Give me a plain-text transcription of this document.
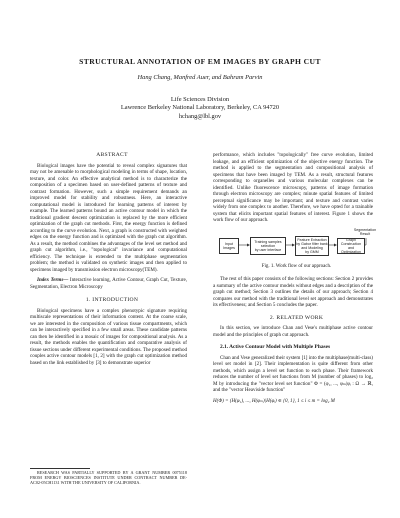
STRUCTURAL ANNOTATION OF EM IMAGES BY GRAPH CUT
Hang Chang, Manfred Auer, and Bahram Parvin
Life Sciences Division
Lawrence Berkeley National Laboratory, Berkeley, CA 94720
hchang@lbl.gov

ABSTRACT

Biological images have the potential to reveal complex signatures that may not be amenable to morphological modeling in terms of shape, location, texture, and color. An effective analytical method is to characterize the composition of a specimen based on user-defined patterns of texture and contrast formation. However, such a simple requirement demands an improved model for stability and robustness. Here, an interactive computational model is introduced for learning patterns of interest by example. The learned patterns bound an active contour model in which the traditional gradient descent optimization is replaced by the more efficient optimization of the graph cut methods. First, the energy function is defined according to the curve evolution. Next, a graph is constructed with weighted edges on the energy function and is optimized with the graph cut algorithm. As a result, the method combines the advantages of the level set method and graph cut algorithm, i.e., "topological" invariance and computational efficiency. The technique is extended to the multiphase segmentation problem; the method is validated on synthetic images and then applied to specimens imaged by transmission electron microscopy(TEM).

Index Terms— Interactive learning, Active Contour, Graph Cut, Texture, Segmentation, Electron Microscopy

1. INTRODUCTION

Biological specimens have a complex phenotypic signature requiring multiscale representations of their information content. At the coarse scale, we are interested in the composition of various tissue compartments, which can be interactively specified in a few small areas. These candidate patterns can then be identified in a mosaic of images for compositional analysis. As a result, the methods enables the quantification and comparative analysis of tissue sections under different experimental conditions. The proposed method couples active contour models [1, 2] with the graph cut optimization method based on the link established by [3] to demonstrate superior

RESEARCH WAS PARTIALLY SUPPORTED BY A GRANT NUMBER 0075118 FROM ENERGY BIOSCIENCES INSTITUTE UNDER CONTRACT NUMBER DE-AC02-05CH1131 WITH THE UNIVERSITY OF CALIFORNIA.

performance, which includes "topologically" free curve evolution, limited leakage, and an efficient optimization of the objective energy function. The method is applied to the segmentation and compositional analysis of specimens that have been imaged by TEM. As a result, structural features corresponding to organelles and various molecular complexes can be identified. Unlike fluorescence microscopy, patterns of image formation through electron microscopy are complex; minute spatial features of limited perceptual significance may be important; and texture and contrast varies widely from one complex to another. Therefore, we have opted for a trainable system that elicits important spatial features of interest. Figure 1 shows the work flow of our approach.

Input
Images
Training samples
selection
by user interface
Feature Extraction
by Gabor filter bank
and Modeling
by GMM
Graph Construction
and Optimization
Segmentation
Result

Fig. 1. Work flow of our approach.

The rest of this paper consists of the following sections: Section 2 provides a summary of the active contour models without edges and a description of the graph cut method; Section 3 outlines the details of our approach; Section 4 compares our method with the traditional level set approach and demonstrates its effectiveness; and Section 5 concludes the paper.

2. RELATED WORK

In this section, we introduce Chan and Vese's multiphase active contour model and the principles of graph cut approach.

2.1. Active Contour Model with Multiple Phases

Chan and Vese generalized their system [1] into the multiphase(multi-class) level set model in [2]. Their implementation is quite different from other methods, which assign a level set function to each phase. Their framework reduces the number of level set functions from M (number of phases) to log₂ M by introducing the "vector level set function" Φ = (φ₁, ..., φₘ|φᵢ : Ω → ℝ, and the "vector Heaviside function"

H(Φ) = (H(φ₁), ..., H(φₘ)|H(φᵢ) ∈ {0, 1}, 1 ≤ i ≤ m = log₂ M
